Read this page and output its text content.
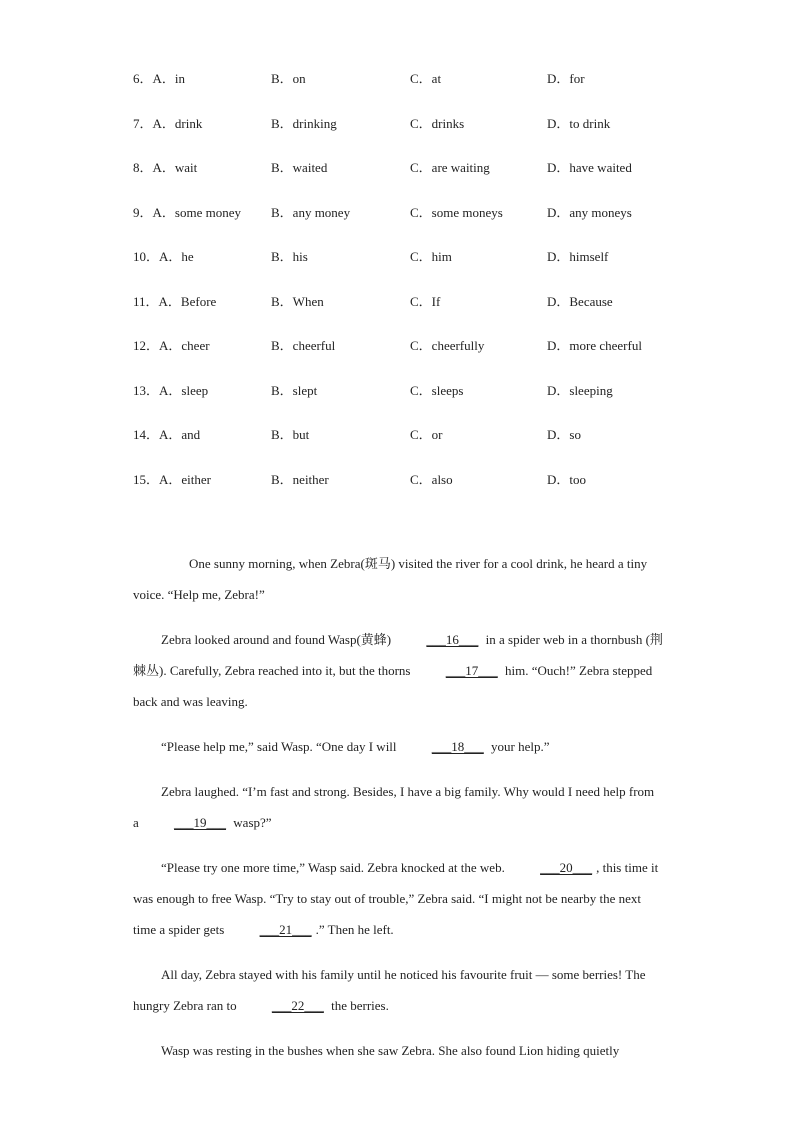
6．A．in	B．on	C．at	D．for
7．A．drink	B．drinking	C．drinks	D．to drink
8．A．wait	B．waited	C．are waiting	D．have waited
9．A．some money B．any money	C．some moneys	D．any moneys
10．A．he	B．his	C．him	D．himself
11．A．Before	B．When	C．If	D．Because
12．A．cheer	B．cheerful	C．cheerfully	D．more cheerful
13．A．sleep	B．slept	C．sleeps	D．sleeping
14．A．and	B．but	C．or	D．so
15．A．either	B．neither	C．also	D．too

One sunny morning, when Zebra(斑马) visited the river for a cool drink, he heard a tiny voice. “Help me, Zebra!”

Zebra looked around and found Wasp(黄蜂)	___16___ in a spider web in a thornbush (荆棘丛). Carefully, Zebra reached into it, but the thorns	___17___ him. “Ouch!” Zebra stepped back and was leaving.

“Please help me,” said Wasp. “One day I will	___18___ your help.”

Zebra laughed. “I’m fast and strong. Besides, I have a big family. Why would I need help from a	___19___ wasp?”

“Please try one more time,” Wasp said. Zebra knocked at the web.	___20___ , this time it was enough to free Wasp. “Try to stay out of trouble,” Zebra said. “I might not be nearby the next time a spider gets	___21___ .” Then he left.

All day, Zebra stayed with his family until he noticed his favourite fruit — some berries! The hungry Zebra ran to	___22___ the berries.

Wasp was resting in the bushes when she saw Zebra. She also found Lion hiding quietly
